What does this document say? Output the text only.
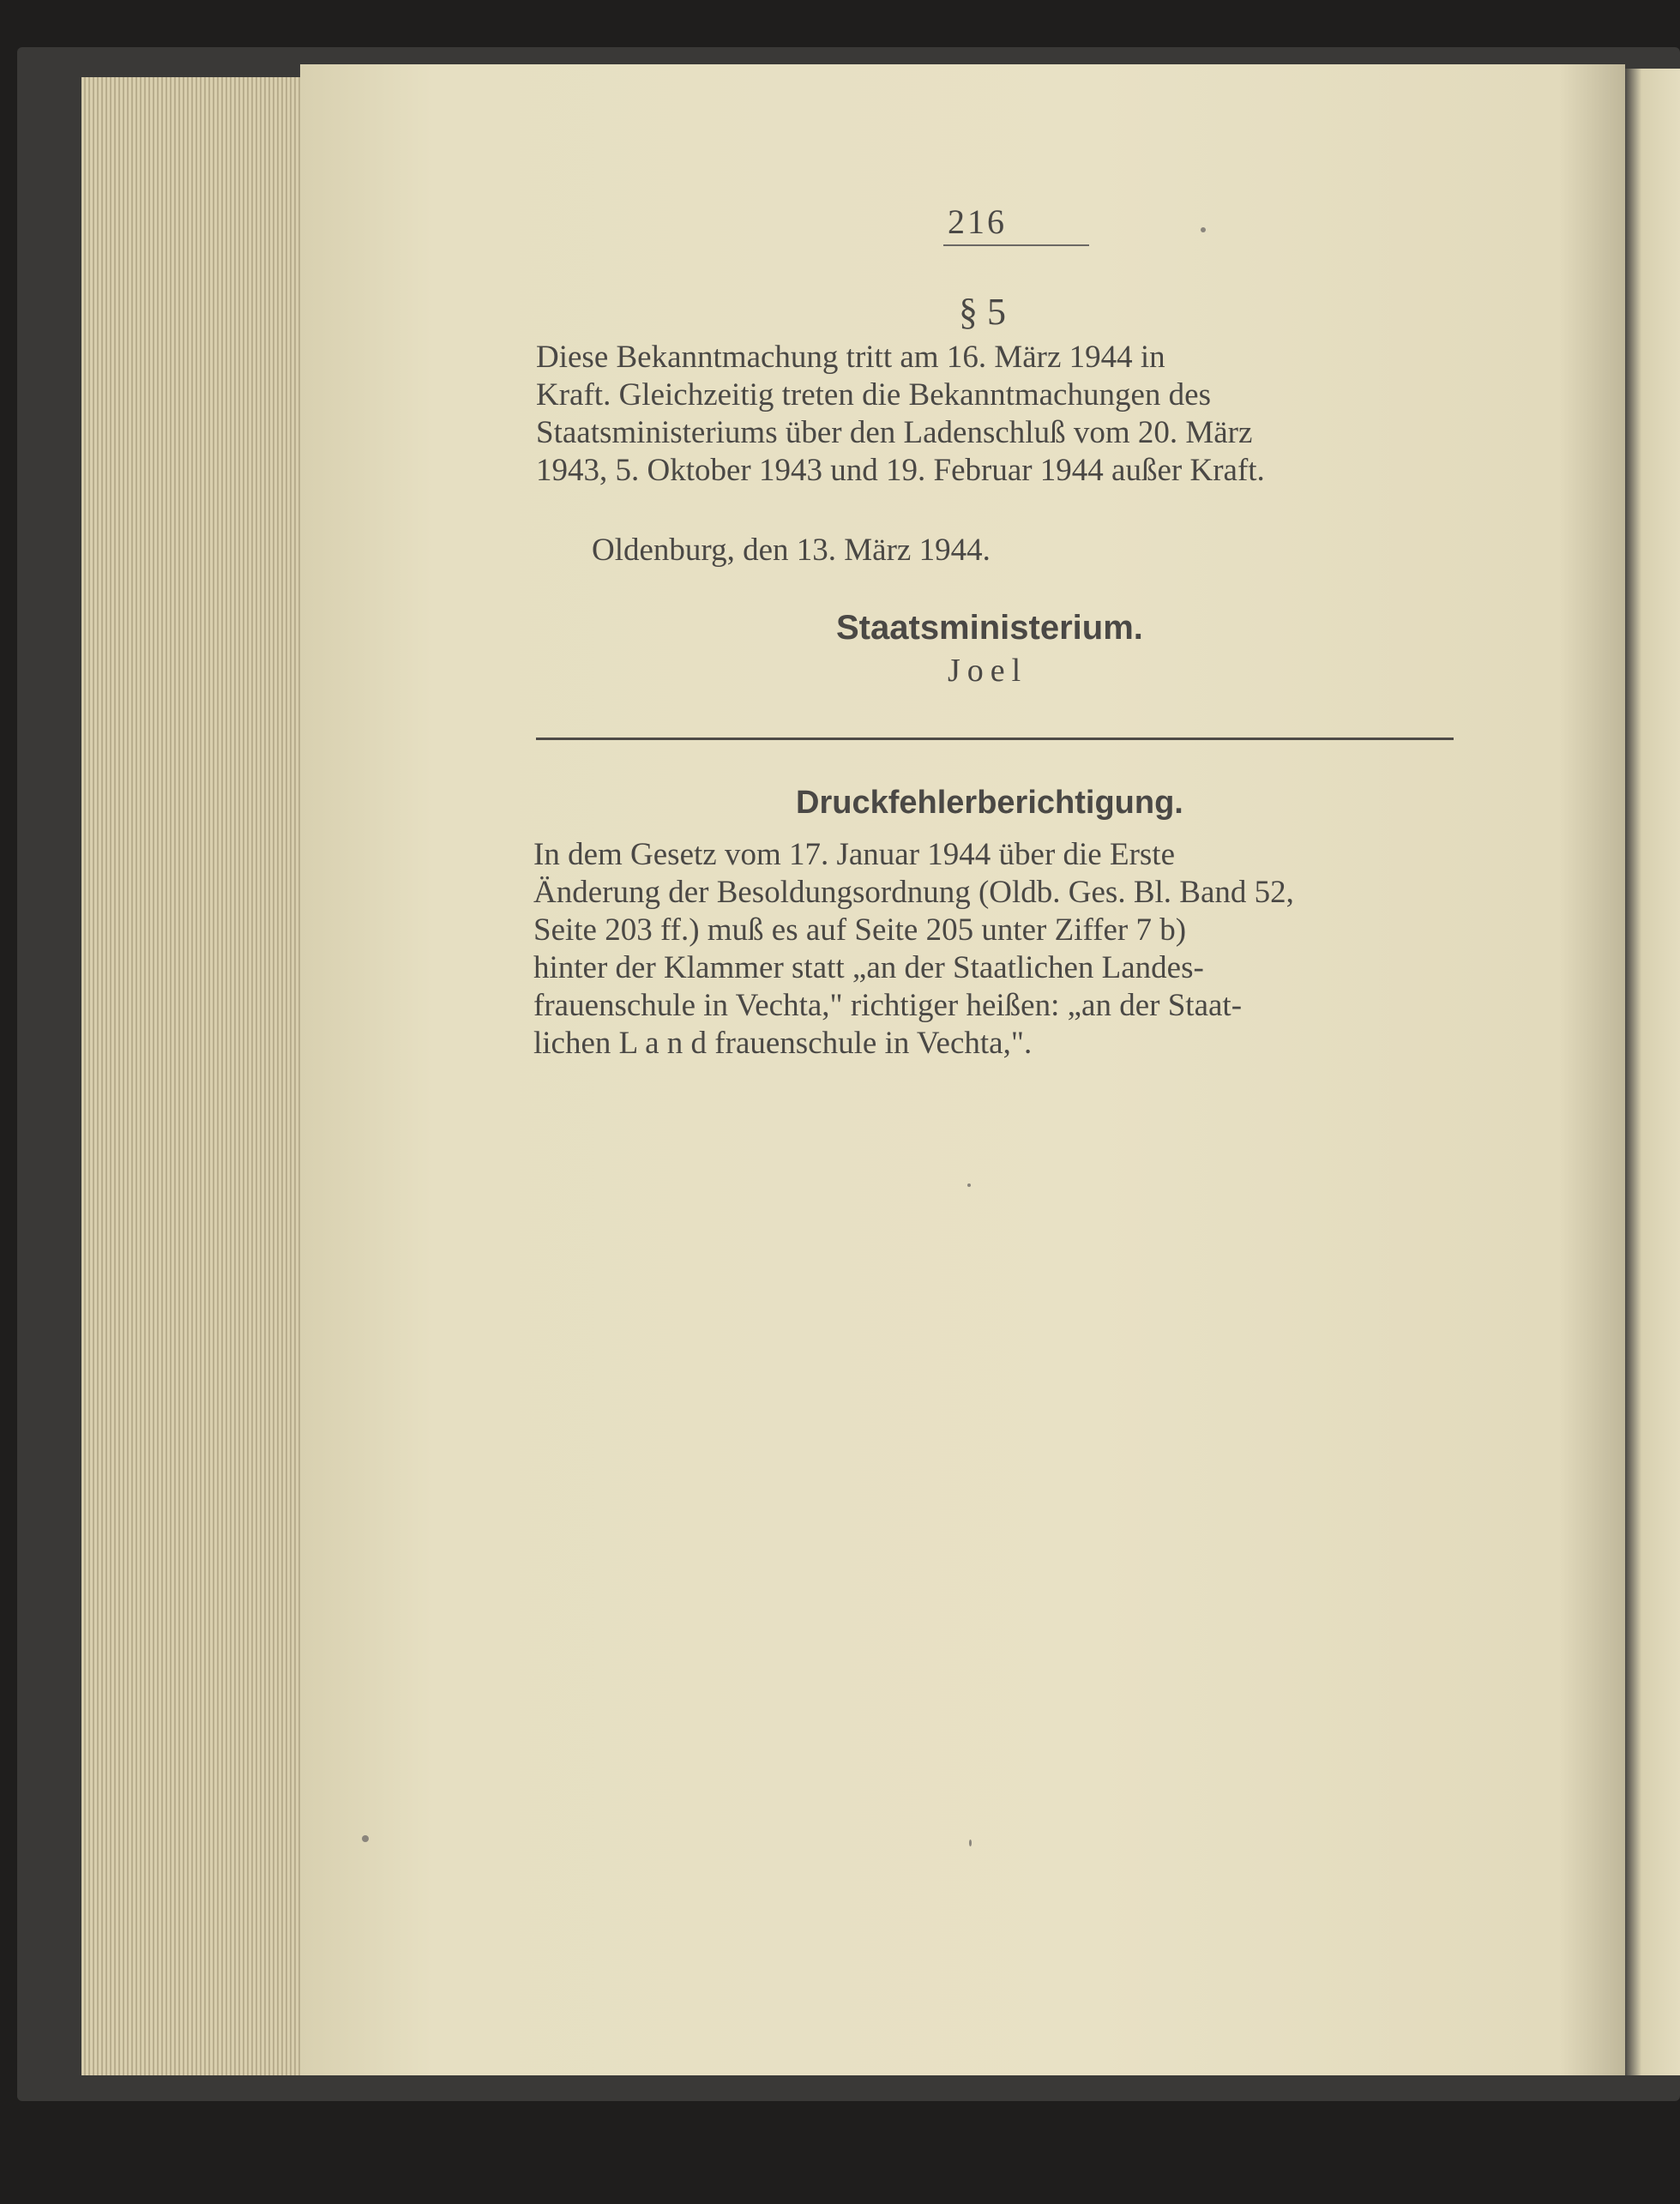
216
§ 5
Diese Bekanntmachung tritt am 16. März 1944 in
Kraft. Gleichzeitig treten die Bekanntmachungen des
Staatsministeriums über den Ladenschluß vom 20. März
1943, 5. Oktober 1943 und 19. Februar 1944 außer Kraft.
Oldenburg, den 13. März 1944.
Staatsministerium.
Joel
Druckfehlerberichtigung.
In dem Gesetz vom 17. Januar 1944 über die Erste
Änderung der Besoldungsordnung (Oldb. Ges. Bl. Band 52,
Seite 203 ff.) muß es auf Seite 205 unter Ziffer 7 b)
hinter der Klammer statt „an der Staatlichen Landes-
frauenschule in Vechta," richtiger heißen: „an der Staat-
lichen L a n d frauenschule in Vechta,".
